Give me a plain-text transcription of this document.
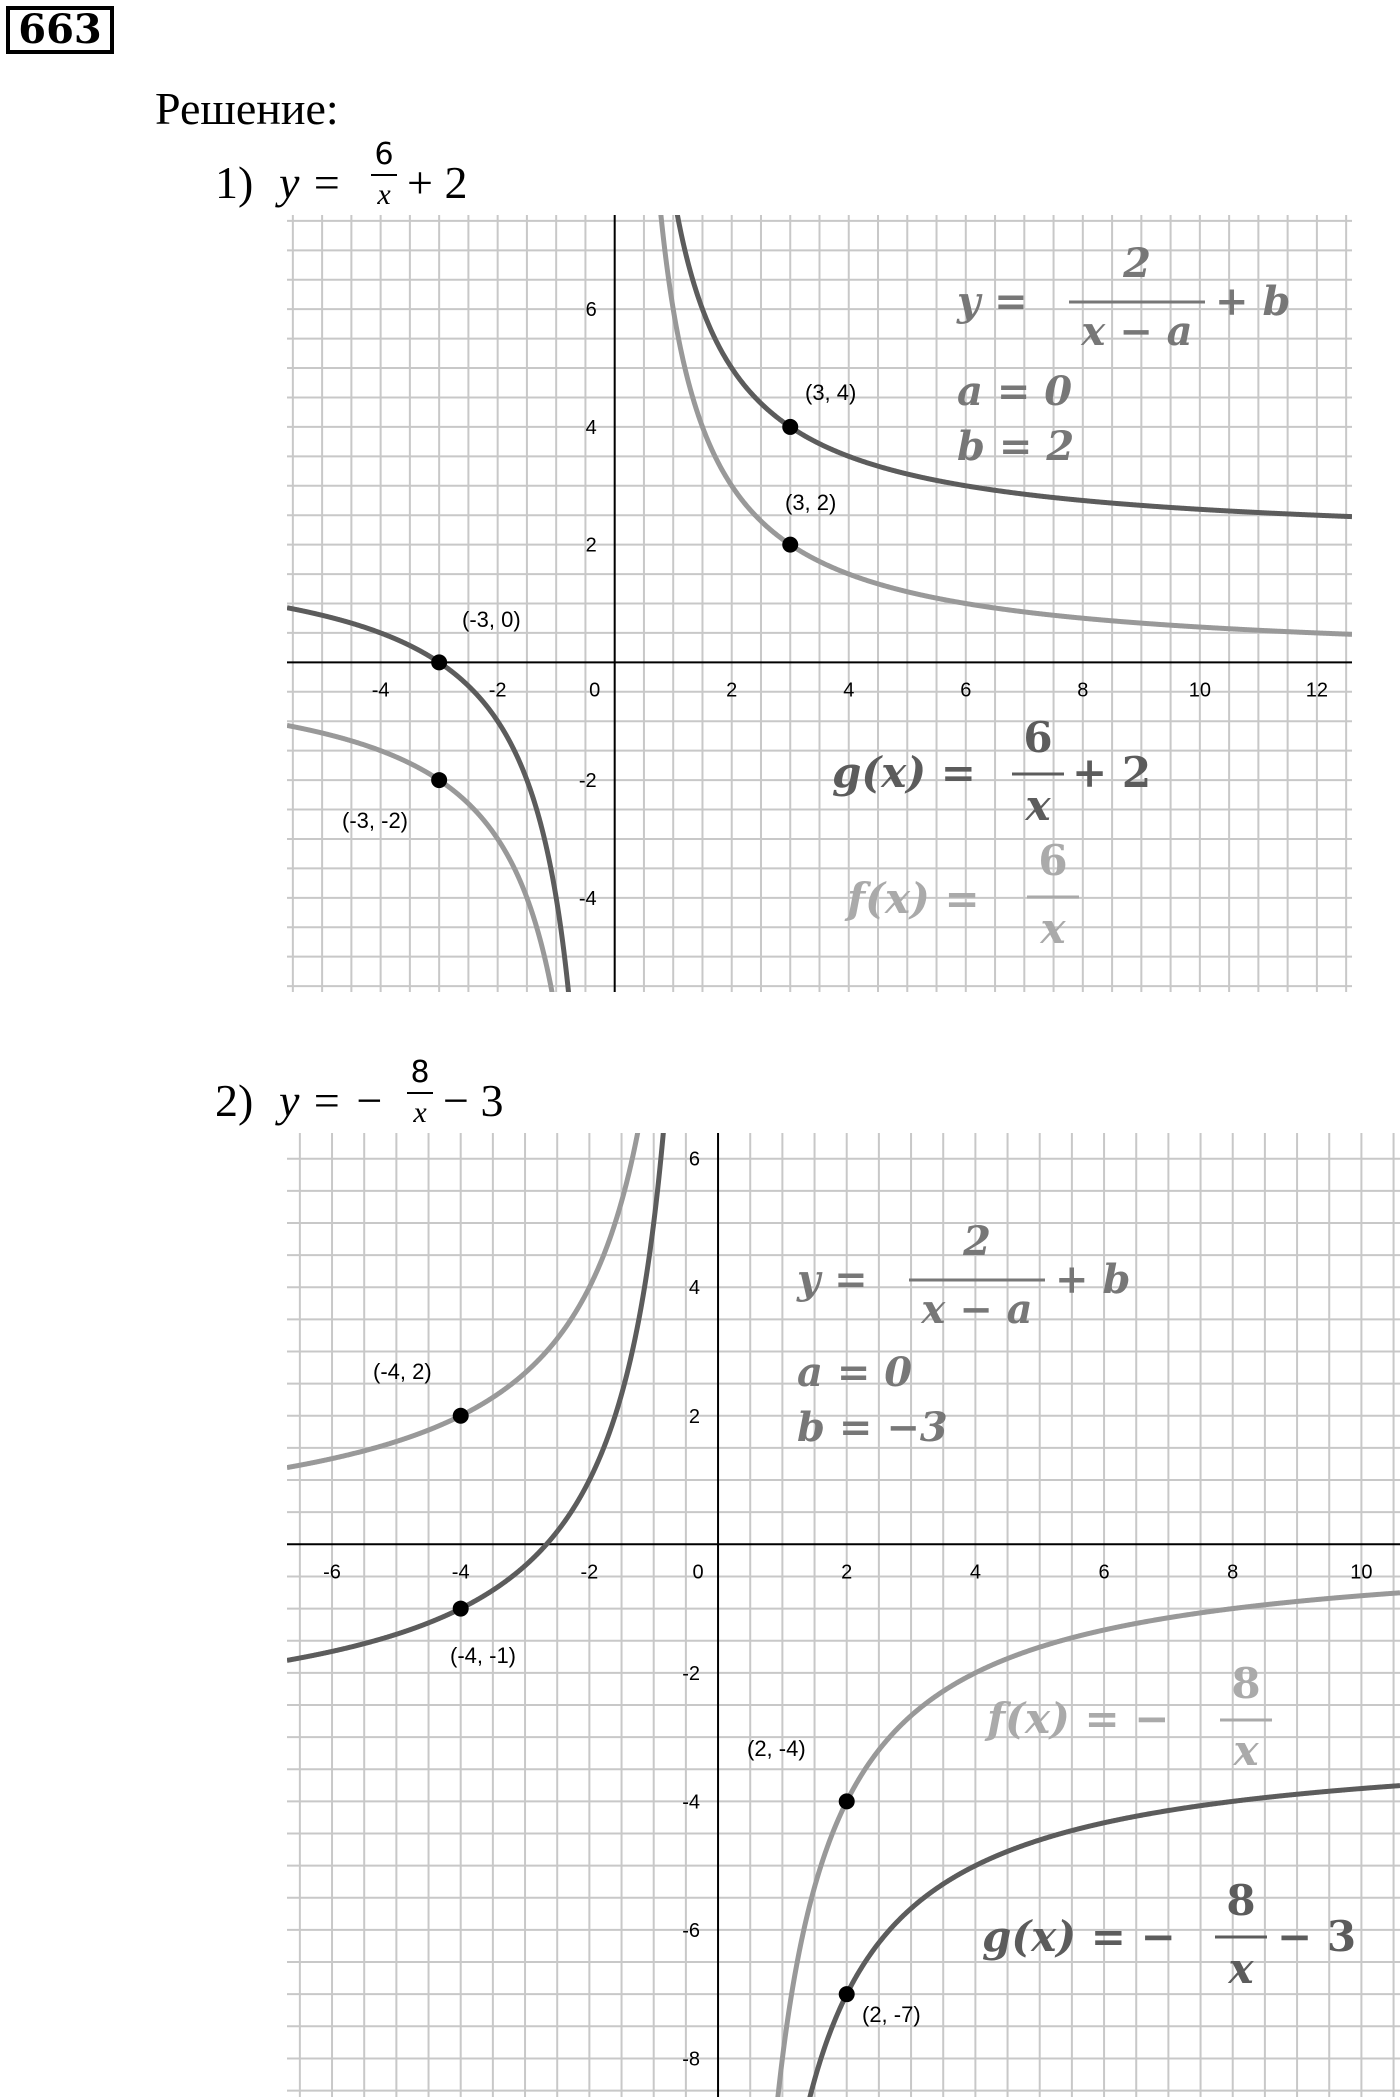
663
Решение:
1) y =
6
x + 2
2) y = −
8
x − 3
-4	-2	0	2	4	6	8	10	12
6
4
2
-2
-4
(3, 4)
(3, 2)
(-3, 0)
(-3, -2)
y =
2
x − a
+ b
a = 0
b = 2
g(x) =
6
x
+ 2
f(x) =
6
x
-6	-4	-2	0	2	4	6	8	10
6
4
2
-2
-4
-6
-8
(-4, 2)
(-4, -1)
(2, -4)
(2, -7)
y =
2
x − a
+ b
a = 0
b = −3
f(x) = −
8
x
g(x) = −
8
x
− 3
